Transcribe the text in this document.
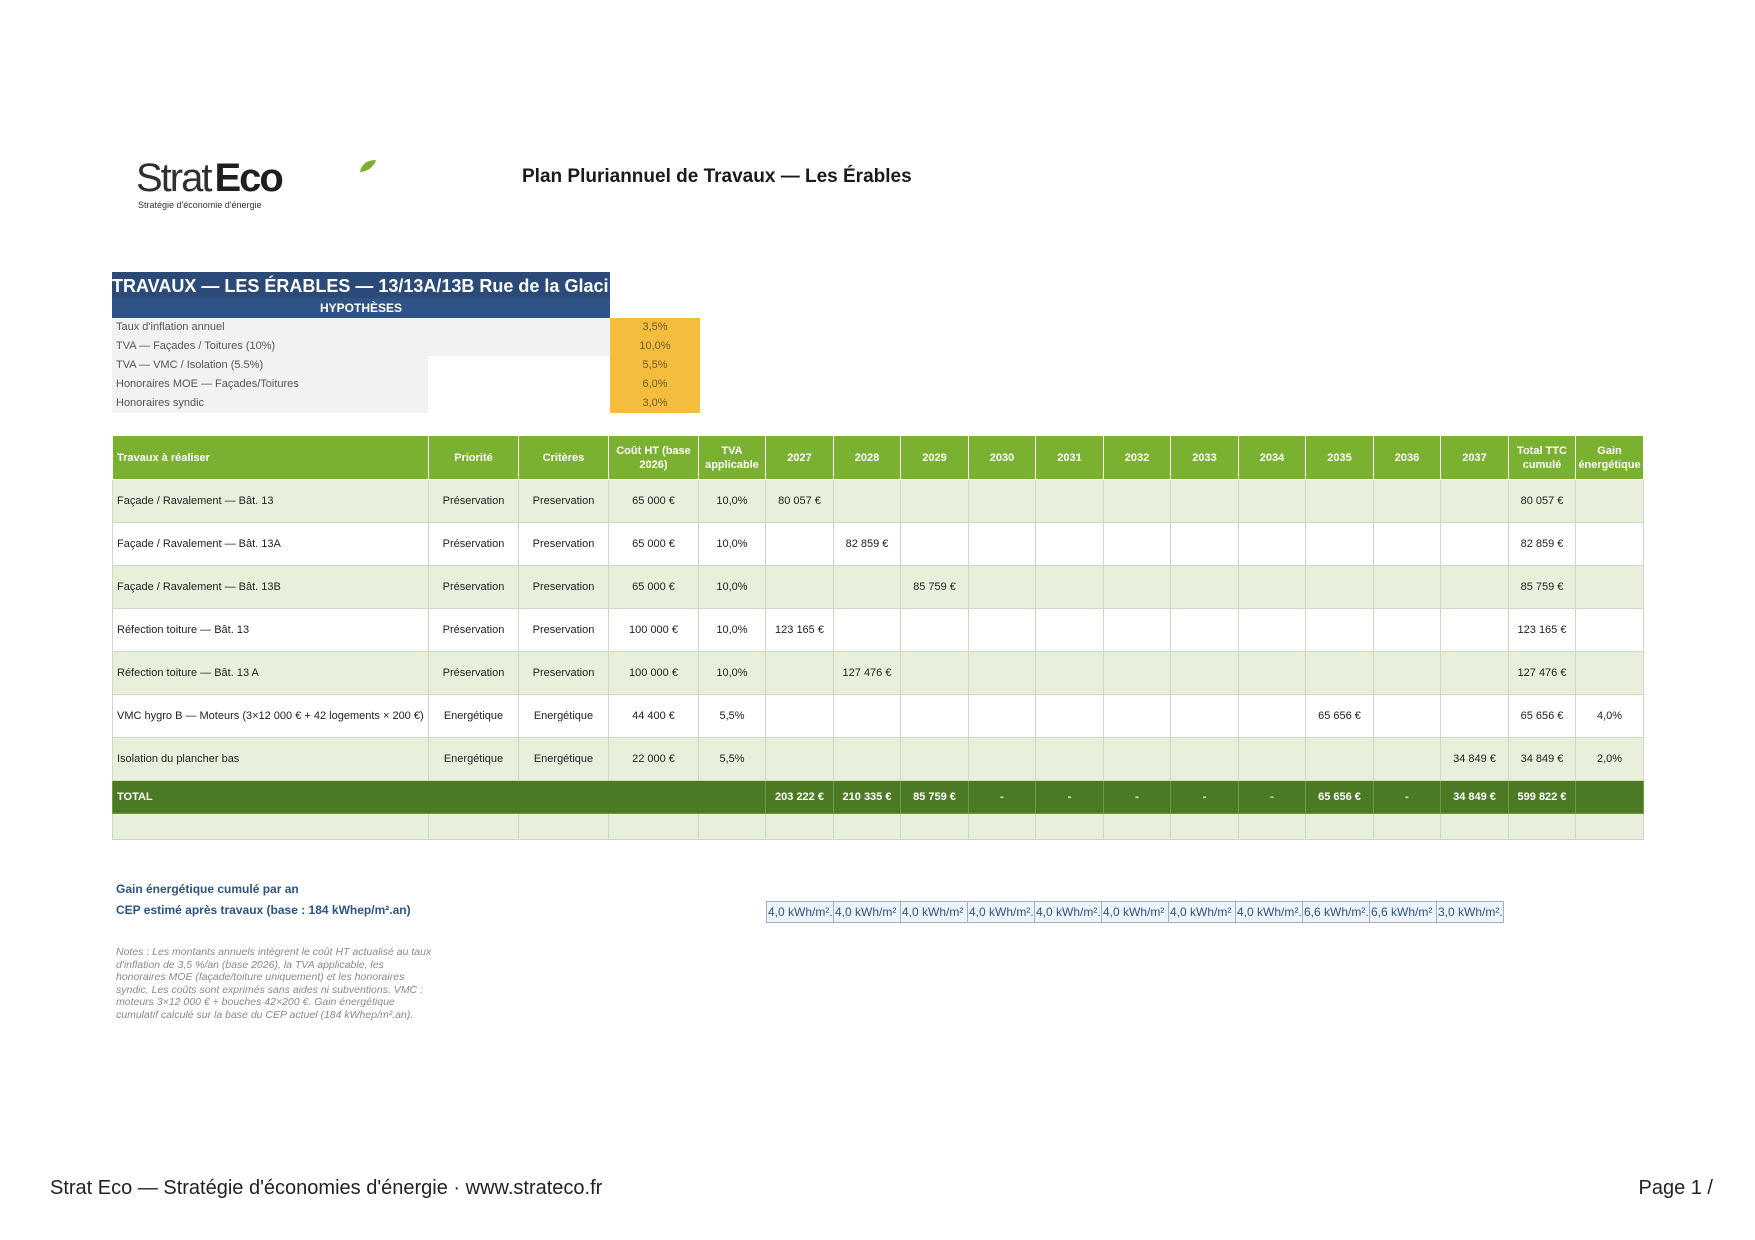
Strat Eco
Stratégie d'économie d'énergie
Plan Pluriannuel de Travaux — Les Érables
TRAVAUX — LES ÉRABLES — 13/13A/13B Rue de la Glaci
HYPOTHÈSES
Taux d'inflation annuel	3,5%
TVA — Façades / Toitures (10%)	10,0%
TVA — VMC / Isolation (5.5%)	5,5%
Honoraires MOE — Façades/Toitures	6,0%
Honoraires syndic	3,0%
Travaux à réaliser	Priorité	Critères	Coût HT (base 2026)	TVA applicable	2027	2028	2029	2030	2031	2032	2033	2034	2035	2036	2037	Total TTC cumulé	Gain énergétique
Façade / Ravalement — Bât. 13	Préservation	Preservation	65 000 €	10,0%	80 057 €											80 057 €	
Façade / Ravalement — Bât. 13A	Préservation	Preservation	65 000 €	10,0%		82 859 €										82 859 €	
Façade / Ravalement — Bât. 13B	Préservation	Preservation	65 000 €	10,0%			85 759 €									85 759 €	
Réfection toiture — Bât. 13	Préservation	Preservation	100 000 €	10,0%	123 165 €											123 165 €	
Réfection toiture — Bât. 13 A	Préservation	Preservation	100 000 €	10,0%		127 476 €										127 476 €	
VMC hygro B — Moteurs (3×12 000 € + 42 logements × 200 €)	Energétique	Energétique	44 400 €	5,5%									65 656 €			65 656 €	4,0%
Isolation du plancher bas	Energétique	Energétique	22 000 €	5,5%											34 849 €	34 849 €	2,0%
TOTAL					203 222 €	210 335 €	85 759 €	-	-	-	-	-	65 656 €	-	34 849 €	599 822 €	

Gain énergétique cumulé par an
CEP estimé après travaux (base : 184 kWhep/m².an)	4,0 kWh/m². 4,0 kWh/m² 4,0 kWh/m² 4,0 kWh/m². 4,0 kWh/m². 4,0 kWh/m² 4,0 kWh/m² 4,0 kWh/m². 6,6 kWh/m². 6,6 kWh/m² 3,0 kWh/m².
Notes : Les montants annuels intègrent le coût HT actualisé au taux d'inflation de 3,5 %/an (base 2026), la TVA applicable, les honoraires MOE (façade/toiture uniquement) et les honoraires syndic. Les coûts sont exprimés sans aides ni subventions. VMC : moteurs 3×12 000 € + bouches 42×200 €. Gain énergétique cumulatif calculé sur la base du CEP actuel (184 kWhep/m².an).
Strat Eco — Stratégie d'économies d'énergie · www.strateco.fr	Page 1 /
